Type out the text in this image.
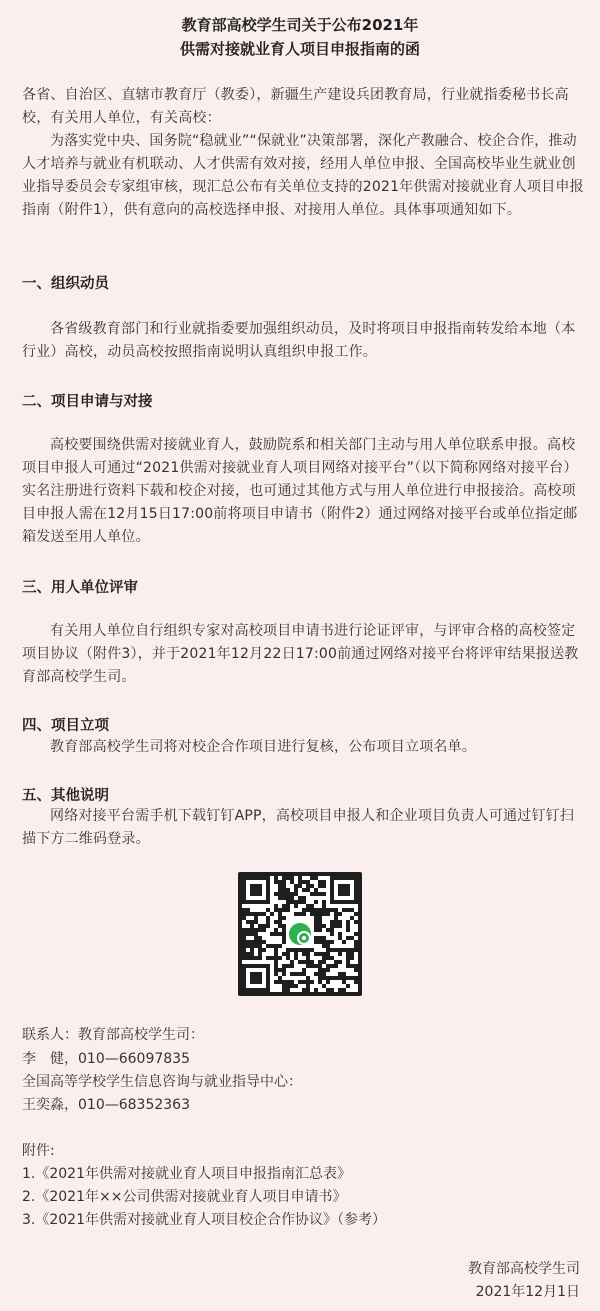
教育部高校学生司关于公布2021年
供需对接就业育人项目申报指南的函
各省、自治区、直辖市教育厅（教委），新疆生产建设兵团教育局，行业就指委秘书长高校，有关用人单位，有关高校：
为落实党中央、国务院“稳就业”“保就业”决策部署，深化产教融合、校企合作，推动人才培养与就业有机联动、人才供需有效对接，经用人单位申报、全国高校毕业生就业创业指导委员会专家组审核，现汇总公布有关单位支持的2021年供需对接就业育人项目申报指南（附件1），供有意向的高校选择申报、对接用人单位。具体事项通知如下。
一、组织动员
各省级教育部门和行业就指委要加强组织动员，及时将项目申报指南转发给本地（本行业）高校，动员高校按照指南说明认真组织申报工作。
二、项目申请与对接
高校要围绕供需对接就业育人，鼓励院系和相关部门主动与用人单位联系申报。高校项目申报人可通过“2021供需对接就业育人项目网络对接平台”（以下简称网络对接平台）实名注册进行资料下载和校企对接，也可通过其他方式与用人单位进行申报接洽。高校项目申报人需在12月15日17:00前将项目申请书（附件2）通过网络对接平台或单位指定邮箱发送至用人单位。
三、用人单位评审
有关用人单位自行组织专家对高校项目申请书进行论证评审，与评审合格的高校签定项目协议（附件3），并于2021年12月22日17:00前通过网络对接平台将评审结果报送教育部高校学生司。
四、项目立项
教育部高校学生司将对校企合作项目进行复核，公布项目立项名单。
五、其他说明
网络对接平台需手机下载钉钉APP，高校项目申报人和企业项目负责人可通过钉钉扫描下方二维码登录。
联系人：教育部高校学生司：
李　健，010—66097835
全国高等学校学生信息咨询与就业指导中心：
王奕淼，010—68352363
附件:
1.《2021年供需对接就业育人项目申报指南汇总表》
2.《2021年××公司供需对接就业育人项目申请书》
3.《2021年供需对接就业育人项目校企合作协议》（参考）
教育部高校学生司
2021年12月1日
